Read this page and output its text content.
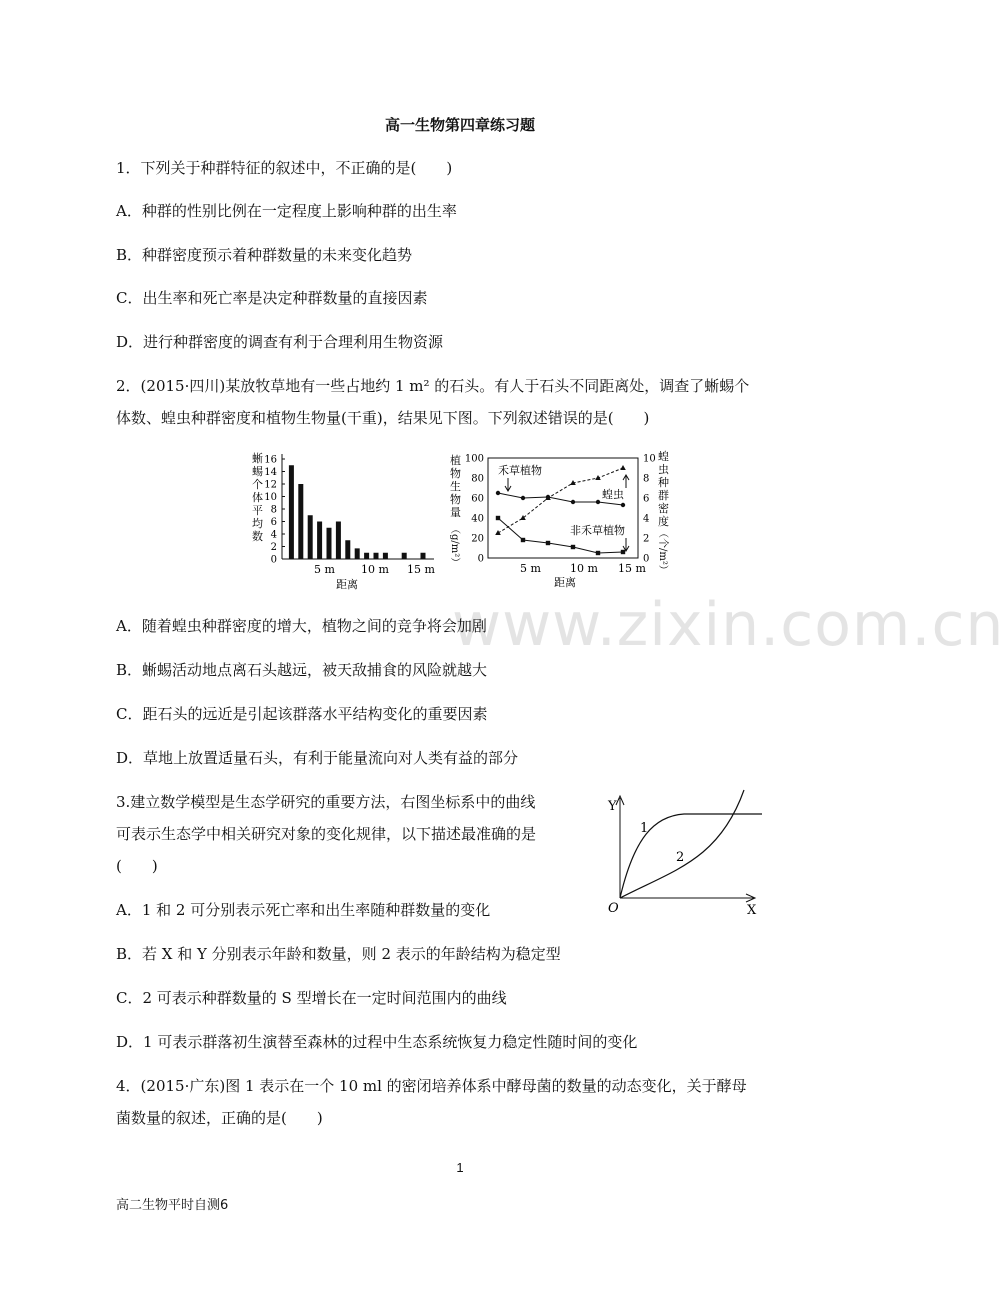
高一生物第四章练习题
www.zixin.com.cn
1．下列关于种群特征的叙述中，不正确的是(　　)
A．种群的性别比例在一定程度上影响种群的出生率
B．种群密度预示着种群数量的未来变化趋势
C．出生率和死亡率是决定种群数量的直接因素
D．进行种群密度的调查有利于合理利用生物资源
2．(2015·四川)某放牧草地有一些占地约 1 m² 的石头。有人于石头不同距离处，调查了蜥蜴个
体数、蝗虫种群密度和植物生物量(干重)，结果见下图。下列叙述错误的是(　　)
蜥
蜴
个
体
平
均
数
0
2
4
6
8
10
12
14
16
5 m 10 m 15 m
距离
植
物
生
物
量
（g/m²）
蝗
虫
种
群
密
度
（个/m²）
0
20
40
60
80
100
0
2
4
6
8
10
禾草植物
蝗虫
非禾草植物
5 m	10 m 15 m
距离
A．随着蝗虫种群密度的增大，植物之间的竞争将会加剧
B．蜥蜴活动地点离石头越远，被天敌捕食的风险就越大
C．距石头的远近是引起该群落水平结构变化的重要因素
D．草地上放置适量石头，有利于能量流向对人类有益的部分
3.建立数学模型是生态学研究的重要方法，右图坐标系中的曲线
可表示生态学中相关研究对象的变化规律，以下描述最准确的是
(　　)
Y
X
O
1
2
A．1 和 2 可分别表示死亡率和出生率随种群数量的变化
B．若 X 和 Y 分别表示年龄和数量，则 2 表示的年龄结构为稳定型
C．2 可表示种群数量的 S 型增长在一定时间范围内的曲线
D．1 可表示群落初生演替至森林的过程中生态系统恢复力稳定性随时间的变化
4．(2015·广东)图 1 表示在一个 10 ml 的密闭培养体系中酵母菌的数量的动态变化，关于酵母
菌数量的叙述，正确的是(　　)
1
高二生物平时自测6
